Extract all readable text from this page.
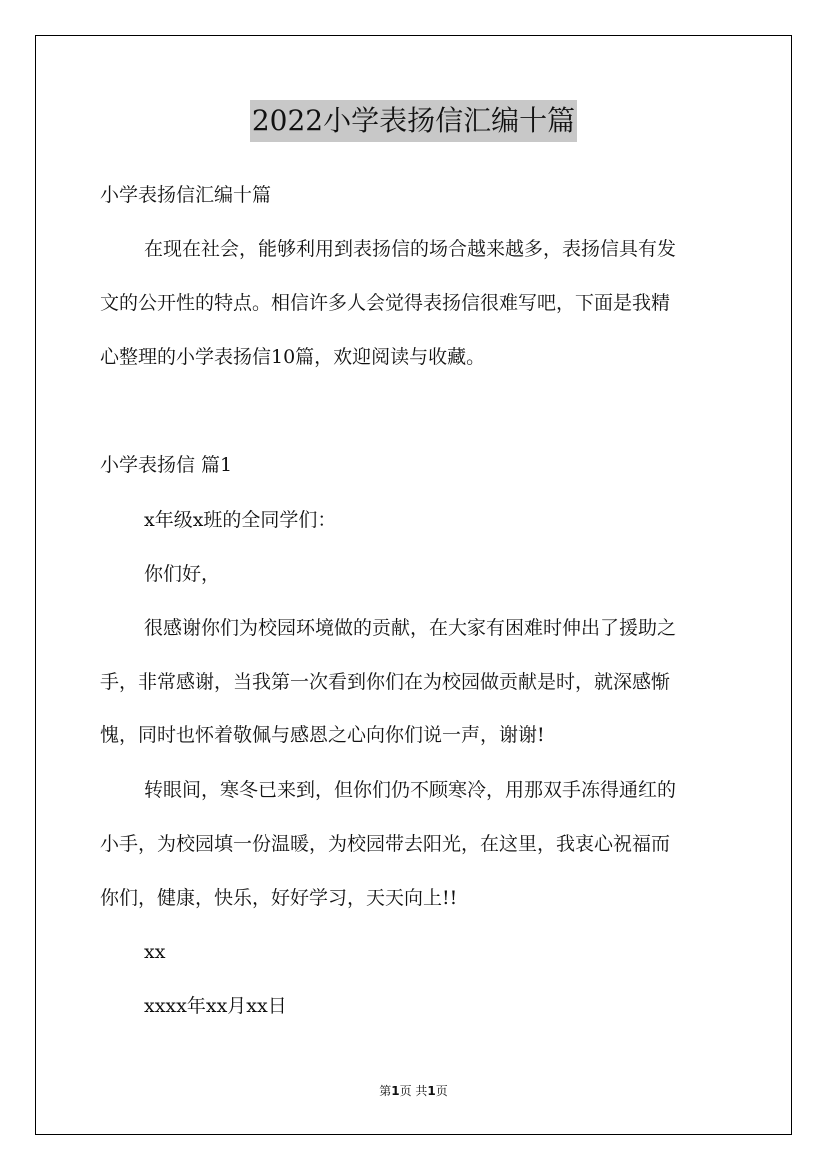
2022小学表扬信汇编十篇
小学表扬信汇编十篇
在现在社会，能够利用到表扬信的场合越来越多，表扬信具有发
文的公开性的特点。相信许多人会觉得表扬信很难写吧，下面是我精
心整理的小学表扬信10篇，欢迎阅读与收藏。
小学表扬信 篇1
x年级x班的全同学们：
你们好，
很感谢你们为校园环境做的贡献，在大家有困难时伸出了援助之
手，非常感谢，当我第一次看到你们在为校园做贡献是时，就深感惭
愧，同时也怀着敬佩与感恩之心向你们说一声，谢谢!
转眼间，寒冬已来到，但你们仍不顾寒冷，用那双手冻得通红的
小手，为校园填一份温暖，为校园带去阳光，在这里，我衷心祝福而
你们，健康，快乐，好好学习，天天向上!!
xx
xxxx年xx月xx日
第1页 共1页
